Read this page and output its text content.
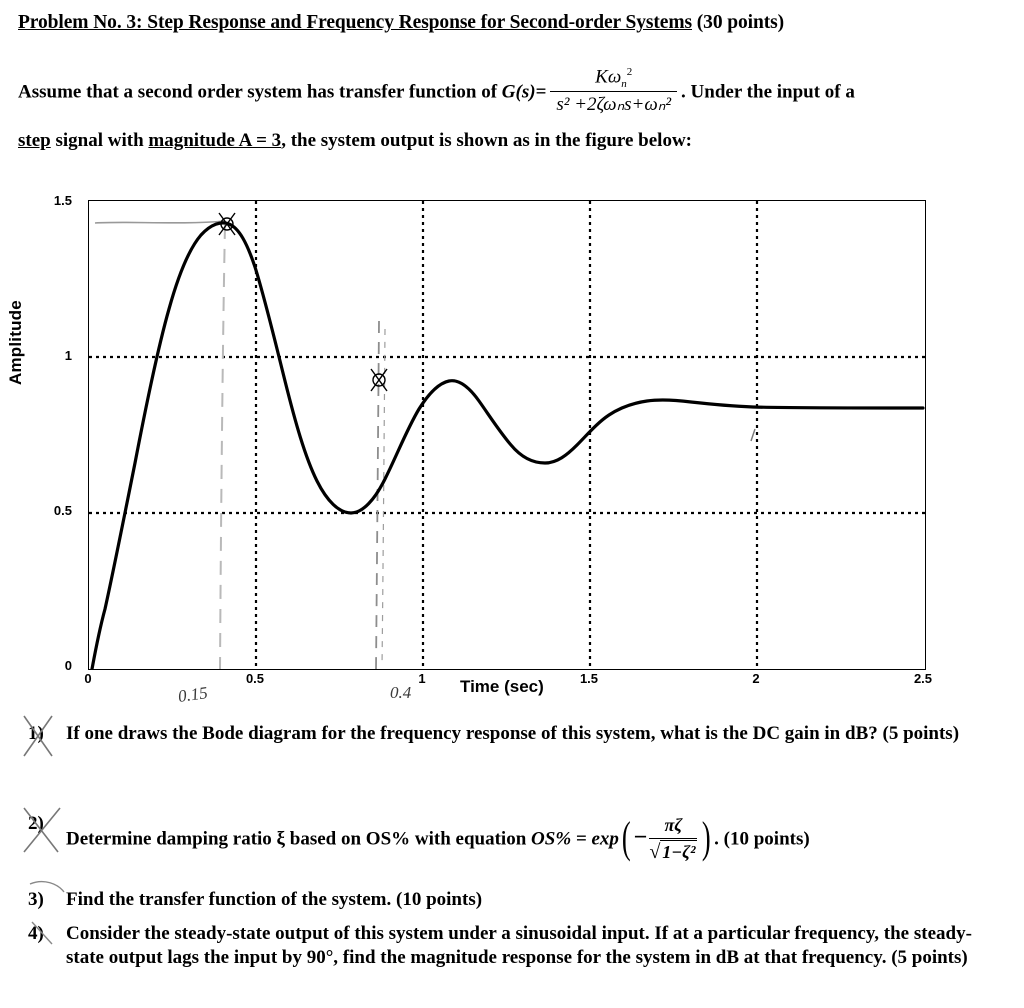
Problem No. 3: Step Response and Frequency Response for Second-order Systems (30 points)
Assume that a second order system has transfer function of $G(s)= \frac{K\omega_n^2}{\text{s² +2ζωₙs+ωₙ²}}$ . Under the input of a
step signal with magnitude A = 3, the system output is shown as in the figure below:
Amplitude
1.5
1
0.5
0
0	0.5	1	1.5	2	2.5
Time (sec)
0.15	0.4
1) If one draws the Bode diagram for the frequency response of this system, what is the DC gain in dB? (5 points)
2)
Determine damping ratio ξ based on OS% with equation $OS\% = \exp( - \frac{\pi\zeta}{\text{√ 1−ζ²}}$ ) . (10 points)
3) Find the transfer function of the system. (10 points)
4) Consider the steady-state output of this system under a sinusoidal input. If at a particular frequency, the steady-state output lags the input by 90°, find the magnitude response for the system in dB at that frequency. (5 points)
